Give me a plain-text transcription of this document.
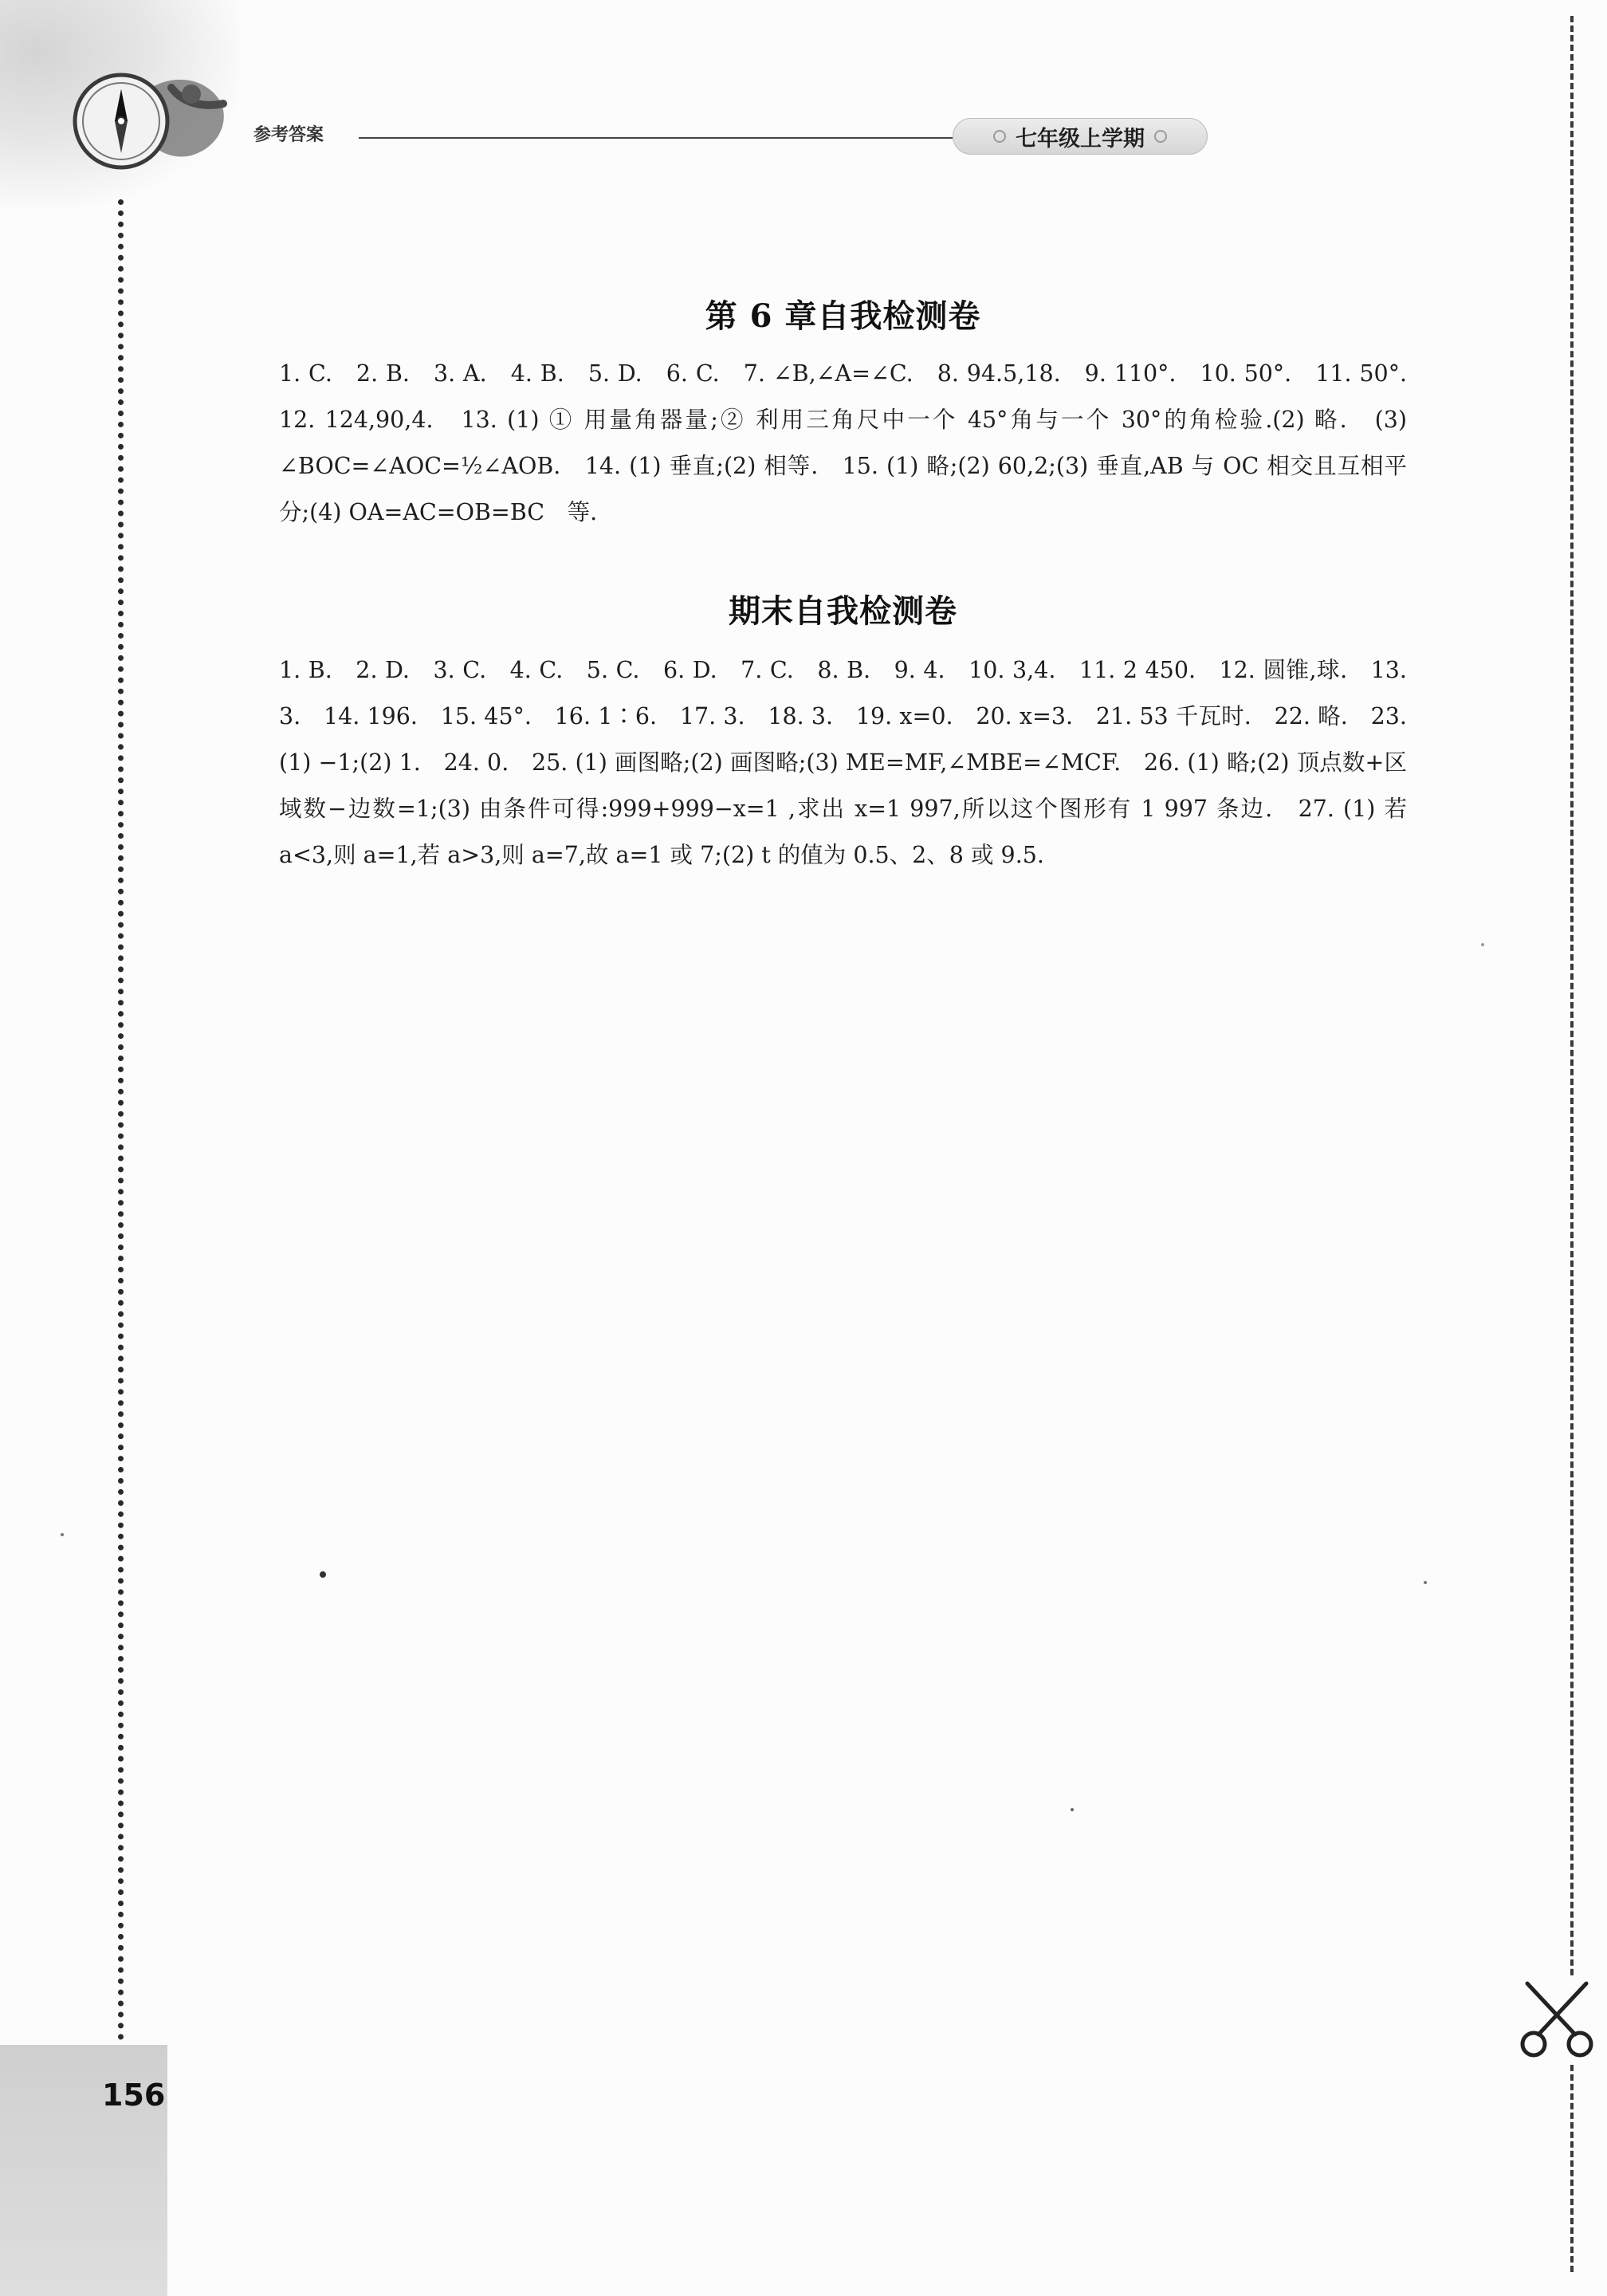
参考答案	七年级上学期
第 6 章自我检测卷

1. C.　2. B.　3. A.　4. B.　5. D.　6. C.　7. ∠B,∠A=∠C.　8. 94.5,18.　9. 110°.　10. 50°.　11. 50°.　12. 124,90,4.　13. (1) ① 用量角器量;② 利用三角尺中一个 45°角与一个 30°的角检验.(2) 略.　(3) ∠BOC=∠AOC=½∠AOB.　14. (1) 垂直;(2) 相等.　15. (1) 略;(2) 60,2;(3) 垂直,AB 与 OC 相交且互相平分;(4) OA=AC=OB=BC　等.

期末自我检测卷

1. B.　2. D.　3. C.　4. C.　5. C.　6. D.　7. C.　8. B.　9. 4.　10. 3,4.　11. 2 450.　12. 圆锥,球.　13. 3.　14. 196.　15. 45°.　16. 1∶6.　17. 3.　18. 3.　19. x=0.　20. x=3.　21. 53 千瓦时.　22. 略.　23. (1) −1;(2) 1.　24. 0.　25. (1) 画图略;(2) 画图略;(3) ME=MF,∠MBE=∠MCF.　26. (1) 略;(2) 顶点数+区域数−边数=1;(3) 由条件可得:999+999−x=1 ,求出 x=1 997,所以这个图形有 1 997 条边.　27. (1) 若 a<3,则 a=1,若 a>3,则 a=7,故 a=1 或 7;(2) t 的值为 0.5、2、8 或 9.5.

156
